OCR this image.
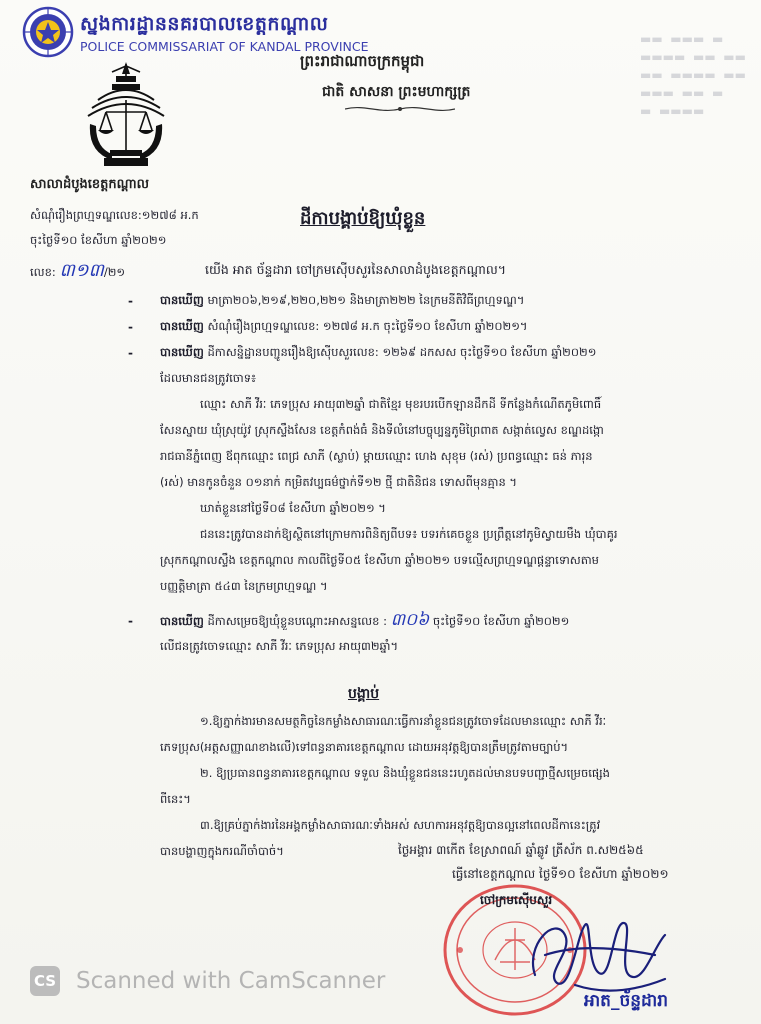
▬▬  ▬▬▬  ▬
▬▬▬▬  ▬▬  ▬▬
▬▬  ▬▬▬▬  ▬▬
▬▬▬  ▬▬  ▬
▬  ▬▬▬▬
ស្នងការដ្ឋាននគរបាលខេត្តកណ្តាល
POLICE COMMISSARIAT OF KANDAL PROVINCE
ព្រះរាជាណាចក្រកម្ពុជា
ជាតិ សាសនា ព្រះមហាក្សត្រ
សាលាដំបូងខេត្តកណ្តាល
សំណុំរឿងព្រហ្មទណ្ឌលេខ:១២៧៨ អ.ក
ចុះថ្ងៃទី១០ ខែសីហា ឆ្នាំ២០២១
លេខ: ៣១៣/២១
ដីកាបង្គាប់ឱ្យឃុំខ្លួន
យើង អាត ច័ន្ទដារា ចៅក្រមស៊ើបសួរនៃសាលាដំបូងខេត្តកណ្តាល។
- បានឃើញ មាត្រា២០៦,២១៩,២២០,២២១ និងមាត្រា២២២ នៃក្រមនីតិវិធីព្រហ្មទណ្ឌ។
- បានឃើញ សំណុំរឿងព្រហ្មទណ្ឌលេខ: ១២៧៨ អ.ក ចុះថ្ងៃទី១០ ខែសីហា ឆ្នាំ២០២១។
- បានឃើញ ដីកាសន្និដ្ឋានបញ្ជូនរឿងឱ្យស៊ើបសួរលេខ: ១២៦៩ ដកសស ចុះថ្ងៃទី១០ ខែសីហា ឆ្នាំ២០២១
ដែលមានជនត្រូវចោទ៖
ឈ្មោះ សាភី វីរៈ ភេទប្រុស អាយុ៣២ឆ្នាំ ជាតិខ្មែរ មុខរបរបើកឡានដឹកដី ទីកន្លែងកំណើតភូមិពោធិ៍
សែនស្នាយ ឃុំស្រុយ៉ូវ ស្រុកស្ទឹងសែន ខេត្តកំពង់ធំ និងទីលំនៅបច្ចុប្បន្នភូមិព្រៃពាត សង្កាត់ល្វេស ខណ្ឌដង្កោ
រាជធានីភ្នំពេញ ឪពុកឈ្មោះ ពេជ្រ សាភី (ស្លាប់) ម្តាយឈ្មោះ ហេង សុខុម (រស់) ប្រពន្ធឈ្មោះ ធន់ ភារុន
(រស់) មានកូនចំនួន ០១នាក់ កម្រិតវប្បធម៌ថ្នាក់ទី១២ ថ្មី ជាតិនិជន ទោសពីមុនគ្មាន ។
ឃាត់ខ្លួននៅថ្ងៃទី០៨ ខែសីហា ឆ្នាំ២០២១ ។
ជននេះត្រូវបានដាក់ឱ្យស្ថិតនៅក្រោមការពិនិត្យពីបទ៖ បទរក់គេចខ្លួន ប្រព្រឹត្តនៅភូមិស្វាយមឹង ឃុំបាគូរ
ស្រុកកណ្តាលស្ទឹង ខេត្តកណ្តាល កាលពីថ្ងៃទី០៥ ខែសីហា ឆ្នាំ២០២១ បទល្មើសព្រហ្មទណ្ឌផ្តន្ទាទោសតាម
បញ្ញត្តិមាត្រា ៥៤៣ នៃក្រមព្រហ្មទណ្ឌ ។
- បានឃើញ ដីកាសម្រេចឱ្យឃុំខ្លួនបណ្តោះអាសន្នលេខ : ៣០៦ ចុះថ្ងៃទី១០ ខែសីហា ឆ្នាំ២០២១
លើជនត្រូវចោទឈ្មោះ សាភី វីរៈ ភេទប្រុស អាយុ៣២ឆ្នាំ។
បង្គាប់
១.ឱ្យភ្នាក់ងារមានសមត្ថកិច្ចនៃកម្លាំងសាធារណៈធ្វើការនាំខ្លួនជនត្រូវចោទដែលមានឈ្មោះ សាភី វីរៈ
ភេទប្រុស(អត្តសញ្ញាណខាងលើ)ទៅពន្ធនាគារខេត្តកណ្តាល ដោយអនុវត្តឱ្យបានត្រឹមត្រូវតាមច្បាប់។
២. ឱ្យប្រធានពន្ធនាគារខេត្តកណ្តាល ទទួល និងឃុំខ្លួនជននេះរហូតដល់មានបទបញ្ជាថ្មីសម្រេចផ្សេង
ពីនេះ។
៣.ឱ្យគ្រប់ភ្នាក់ងារនៃអង្គកម្លាំងសាធារណៈទាំងអស់ សហការអនុវត្តឱ្យបានល្អនៅពេលដីកានេះត្រូវ
បានបង្ហាញក្នុងករណីចាំបាច់។	ថ្ងៃអង្គារ ៣កើត ខែស្រាពណ៍ ឆ្នាំឆ្លូវ ត្រីស័ក ព.ស២៥៦៥
ធ្វើនៅខេត្តកណ្តាល ថ្ងៃទី១០ ខែសីហា ឆ្នាំ២០២១
ចៅក្រមស៊ើបសួរ
អាត_ច័ន្ទដារា
CS Scanned with CamScanner
